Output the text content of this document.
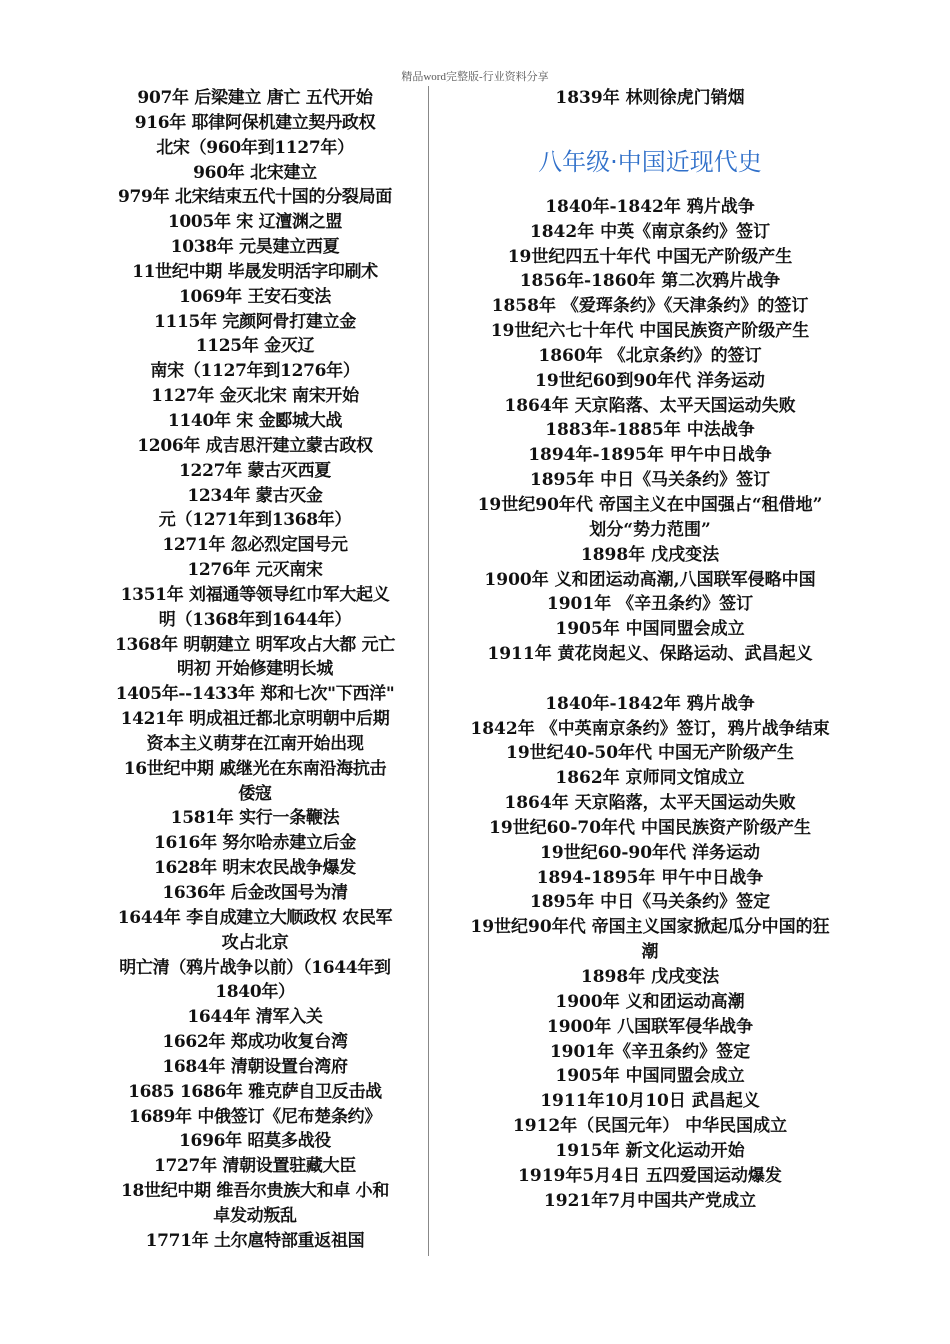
精品word完整版-行业资料分享
907年 后梁建立 唐亡 五代开始
916年 耶律阿保机建立契丹政权
北宋（960年到1127年）
960年 北宋建立
979年 北宋结束五代十国的分裂局面
1005年 宋 辽澶渊之盟
1038年 元昊建立西夏
11世纪中期 毕晟发明活字印刷术
1069年 王安石变法
1115年 完颜阿骨打建立金
1125年 金灭辽
南宋（1127年到1276年）
1127年 金灭北宋 南宋开始
1140年 宋 金郾城大战
1206年 成吉思汗建立蒙古政权
1227年 蒙古灭西夏
1234年 蒙古灭金
元（1271年到1368年）
1271年 忽必烈定国号元
1276年 元灭南宋
1351年 刘福通等领导红巾军大起义
明（1368年到1644年）
1368年 明朝建立 明军攻占大都 元亡
明初 开始修建明长城
1405年--1433年 郑和七次"下西洋"
1421年 明成祖迁都北京明朝中后期
资本主义萌芽在江南开始出现
16世纪中期 戚继光在东南沿海抗击
倭寇
1581年 实行一条鞭法
1616年 努尔哈赤建立后金
1628年 明末农民战争爆发
1636年 后金改国号为清
1644年 李自成建立大顺政权 农民军
攻占北京
明亡清（鸦片战争以前）（1644年到
1840年）
1644年 清军入关
1662年 郑成功收复台湾
1684年 清朝设置台湾府
1685 1686年 雅克萨自卫反击战
1689年 中俄签订《尼布楚条约》
1696年 昭莫多战役
1727年 清朝设置驻藏大臣
18世纪中期 维吾尔贵族大和卓 小和
卓发动叛乱
1771年 土尔扈特部重返祖国
1839年 林则徐虎门销烟
八年级·中国近现代史
1840年-1842年 鸦片战争
1842年 中英《南京条约》签订
19世纪四五十年代 中国无产阶级产生
1856年-1860年 第二次鸦片战争
1858年 《爱珲条约》《天津条约》的签订
19世纪六七十年代 中国民族资产阶级产生
1860年 《北京条约》的签订
19世纪60到90年代 洋务运动
1864年 天京陷落、太平天国运动失败
1883年-1885年 中法战争
1894年-1895年 甲午中日战争
1895年 中日《马关条约》签订
19世纪90年代 帝国主义在中国强占“租借地”
划分“势力范围”
1898年 戊戌变法
1900年 义和团运动高潮,八国联军侵略中国
1901年 《辛丑条约》签订
1905年 中国同盟会成立
1911年 黄花岗起义、保路运动、武昌起义
1840年-1842年 鸦片战争
1842年 《中英南京条约》签订，鸦片战争结束
19世纪40-50年代 中国无产阶级产生
1862年 京师同文馆成立
1864年 天京陷落，太平天国运动失败
19世纪60-70年代 中国民族资产阶级产生
19世纪60-90年代 洋务运动
1894-1895年 甲午中日战争
1895年 中日《马关条约》签定
19世纪90年代 帝国主义国家掀起瓜分中国的狂
潮
1898年 戊戌变法
1900年 义和团运动高潮
1900年 八国联军侵华战争
1901年《辛丑条约》签定
1905年 中国同盟会成立
1911年10月10日 武昌起义
1912年（民国元年） 中华民国成立
1915年 新文化运动开始
1919年5月4日 五四爱国运动爆发
1921年7月中国共产党成立
